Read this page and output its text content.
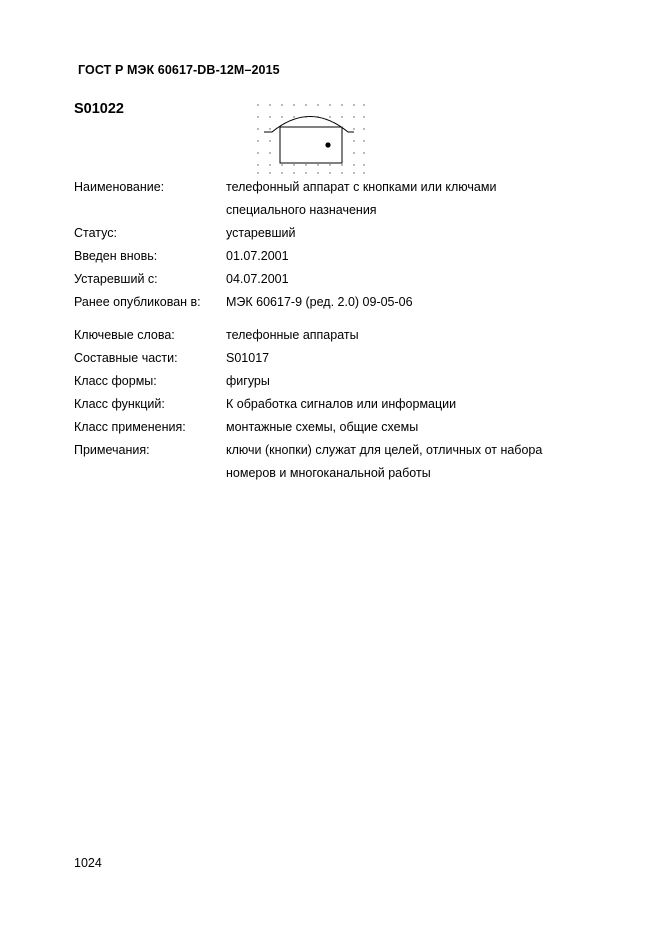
ГОСТ Р МЭК 60617-DB-12M–2015
S01022
Наименование:	телефонный аппарат с кнопками или ключами
специального назначения
Статус:	устаревший
Введен вновь:	01.07.2001
Устаревший с:	04.07.2001
Ранее опубликован в: МЭК 60617-9 (ред. 2.0) 09-05-06
Ключевые слова:	телефонные аппараты
Составные части:	S01017
Класс формы:	фигуры
Класс функций:	К обработка сигналов или информации
Класс применения:	монтажные схемы, общие схемы
Примечания:	ключи (кнопки) служат для целей, отличных от набора
номеров и многоканальной работы
1024
